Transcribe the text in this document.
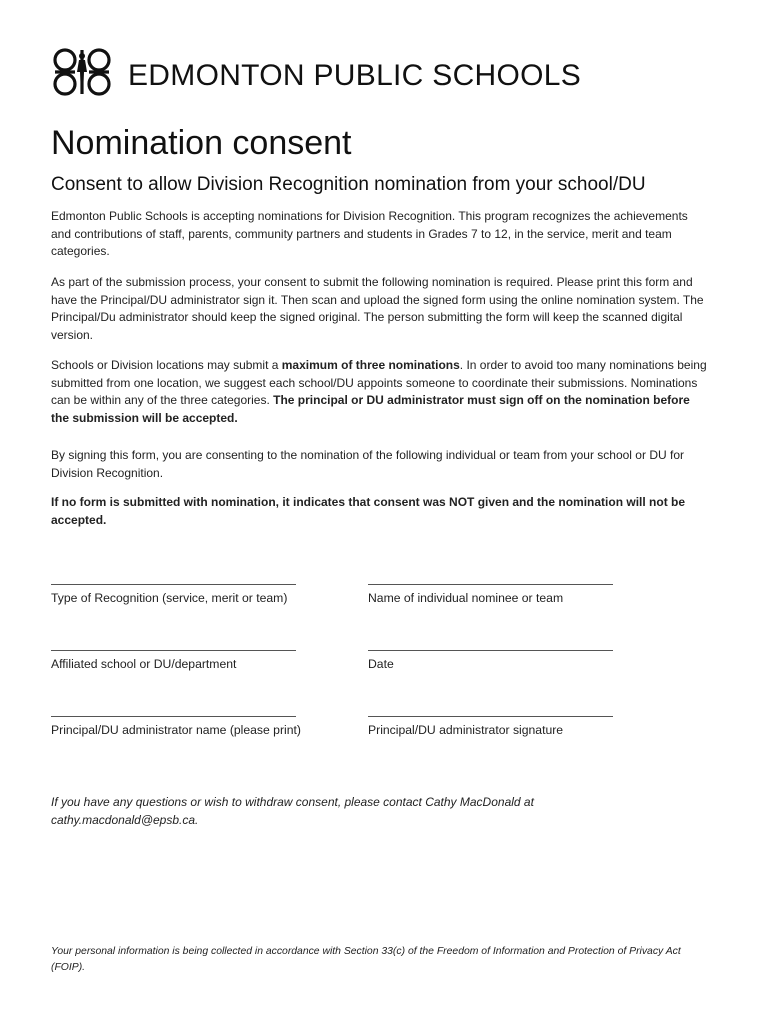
EDMONTON PUBLIC SCHOOLS
Nomination consent
Consent to allow Division Recognition nomination from your school/DU

Edmonton Public Schools is accepting nominations for Division Recognition. This program recognizes the achievements and contributions of staff, parents, community partners and students in Grades 7 to 12, in the service, merit and team categories.

As part of the submission process, your consent to submit the following nomination is required. Please print this form and have the Principal/DU administrator sign it. Then scan and upload the signed form using the online nomination system. The Principal/Du administrator should keep the signed original. The person submitting the form will keep the scanned digital version.

Schools or Division locations may submit a maximum of three nominations. In order to avoid too many nominations being submitted from one location, we suggest each school/DU appoints someone to coordinate their submissions. Nominations can be within any of the three categories. The principal or DU administrator must sign off on the nomination before the submission will be accepted.

By signing this form, you are consenting to the nomination of the following individual or team from your school or DU for Division Recognition.

If no form is submitted with nomination, it indicates that consent was NOT given and the nomination will not be accepted.

Type of Recognition (service, merit or team)	Name of individual nominee or team
Affiliated school or DU/department	Date
Principal/DU administrator name (please print)	Principal/DU administrator signature

If you have any questions or wish to withdraw consent, please contact Cathy MacDonald at cathy.macdonald@epsb.ca.

Your personal information is being collected in accordance with Section 33(c) of the Freedom of Information and Protection of Privacy Act (FOIP).
